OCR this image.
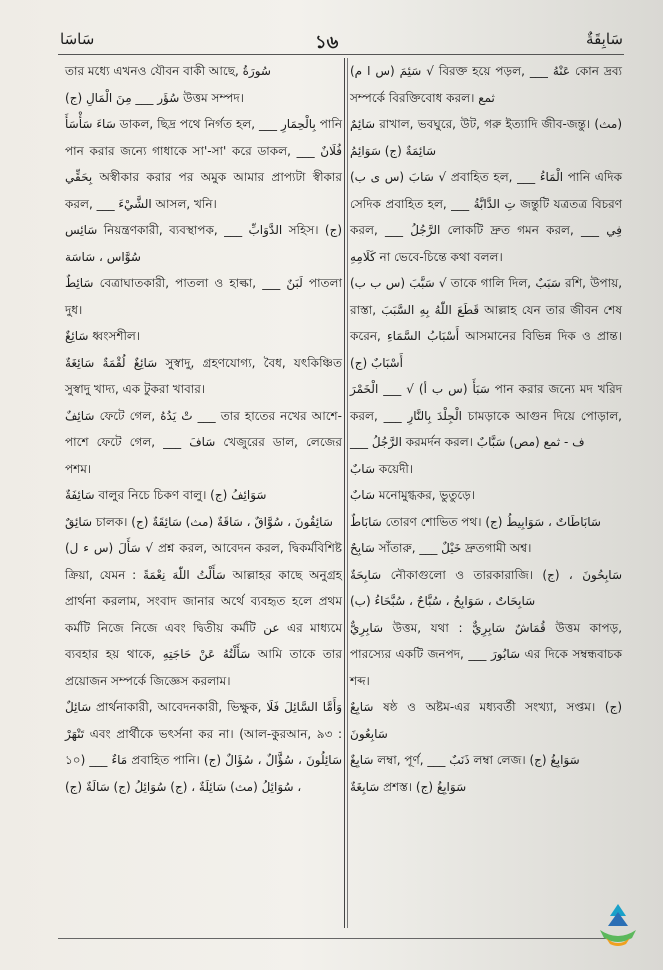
سَاسَا	১৬	سَابِقَةٌ

তার মধ্যে এখনও যৌবন বাকী আছে, سُورَةُ

(ج) سُؤَر ___ مِنَ الْمَالِ উত্তম সম্পদ।

سَاءَ سَأْسَأَ ডাকল, ছিদ্র পথে নির্গত হল, ___ بِالْحِمَارِ পানি পান করার জন্যে গাধাকে সা'-সা' করে ডাকল, ___ فُلَانٌ بِحَقِّي অস্বীকার করার পর অমুক আমার প্রাপ্যটা স্বীকার করল, ___ الشَّيْءَ আসল, খনি।

سَائِس নিয়ন্ত্রণকারী, ব্যবস্থাপক, ___ الدَّوَابِّ সহিস। (ج) سُوَّاس ، سَاسَة

سَائِطٌ বেত্রাঘাতকারী, পাতলা ও হাল্কা, ___ لَبَنٌ পাতলা দুধ।

سَائِغٌ ধ্বংসশীল।

سَائِغٌ لُقْمَةٌ سَائِغَةٌ সুস্বাদু, গ্রহণযোগ্য, বৈধ, যৎকিঞ্চিত সুস্বাদু খাদ্য, এক টুকরা খাবার।

سَائِفٌ ফেটে গেল, تْ يَدُهُ ___ তার হাতের নখের আশে-পাশে ফেটে গেল, ___ سَافَ খেজুরের ডাল, লেজের পশম।

سَائِفَةٌ বালুর নিচে চিকণ বালু। (ج) سَوَائِفُ

سَائِقٌ চালক। (ج) سَائِقُونَ ، سُوَّاقٌ ، سَاقَةٌ (مث) سَائِقَةٌ

سَأَلَ (س ء ل) √ প্রশ্ন করল, আবেদন করল, দ্বিকর্মবিশিষ্ট ক্রিয়া, যেমন : سَأَلْتُ اللّٰهَ نِعْمَةً আল্লাহর কাছে অনুগ্রহ প্রার্থনা করলাম, সংবাদ জানার অর্থে ব্যবহৃত হলে প্রথম কর্মটি নিজে নিজে এবং দ্বিতীয় কর্মটি عن এর মাধ্যমে ব্যবহার হয় থাকে, سَأَلْتُهُ عَنْ حَاجَتِهِ আমি তাকে তার প্রয়োজন সম্পর্কে জিজ্ঞেস করলাম।

سَائِلٌ প্রার্থনাকারী, আবেদনকারী, ভিক্ষুক, وَأَمَّا السَّائِلَ فَلَا تَنْهَرْ এবং প্রার্থীকে ভৎর্সনা কর না। (আল-কুরআন, ৯৩ : ১০) ___ مَاءٌ প্রবাহিত পানি। (ج) سَائِلُونَ ، سُؤَّالٌ ، سُؤَالٌ ، سُوَائِلُ (مث) سَائِلَةٌ ، (ج) سُوَائِلُ (ج) سَالَةٌ (ج)

سَئِمَ (س ا م) √ বিরক্ত হয়ে পড়ল, ___ عَنْهُ কোন দ্রব্য সম্পর্কে বিরক্তিবোধ করল। ثمع

سَائِمٌ রাখাল, ভবঘুরে, উট, গরু ইত্যাদি জীব-জন্তু। (مث) سَائِمَةٌ (ج) سَوَائِمُ

سَابَ (س ى ب) √ প্রবাহিত হল, ___ الْمَاءُ পানি এদিক সেদিক প্রবাহিত হল, ___ تِ الدَّابَّةُ জন্তুটি যত্রতত্র বিচরণ করল, ___ الرَّجُلُ লোকটি দ্রুত গমন করল, ___ فِي كَلَامِهِ না ভেবে-চিন্তে কথা বলল।

سَبَّبَ (س ب ب) √ তাকে গালি দিল, سَبَبٌ রশি, উপায়, রাস্তা, قَطَعَ اللّٰهُ بِهِ السَّبَبَ আল্লাহ যেন তার জীবন শেষ করেন, أَسْبَابُ السَّمَاءِ আসমানের বিভিন্ন দিক ও প্রান্ত। (ج) أَسْبَابٌ

سَبَأَ (س ب أ) √ ___ الْخَمْرَ পান করার জন্যে মদ খরিদ করল, ___ الْجِلْدَ بِالنَّارِ চামড়াকে আগুন দিয়ে পোড়াল, ___ الرَّجُلُ করমর্দন করল। ف - ثمع (مص) سَبَّابٌ

سَابٌ কয়েদী।

سَابٌ মনোমুগ্ধকর, ভুতুড়ে।

سَابَاطٌ তোরণ শোভিত পথ। (ج) سَابَاطَاتٌ ، سَوَابِيطُ

سَابِحٌ সাঁতারু, ___ خَيْلٌ দ্রুতগামী অশ্ব।

سَابِحَةٌ নৌকাগুলো ও তারকারাজি। سَابِحُونَ ، (ج) سَابِحَاتٌ ، سَوَابِحُ ، سُبَّاحٌ ، سُبَّحَاءُ (ب)

سَابِرِيٌّ উত্তম, যথা : قُمَاشٌ سَابِرِيٌّ উত্তম কাপড়, পারস্যের একটি জনপদ, ___ سَابُورَ এর দিকে সম্বন্ধবাচক শব্দ।

سَابِعٌ ষষ্ঠ ও অষ্টম-এর মধ্যবর্তী সংখ্যা, সপ্তম। (ج) سَابِعُونَ

سَابِغٌ লম্বা, পূর্ণ, ___ ذَنَبٌ লম্বা লেজ। (ج) سَوَابِغُ

سَابِغَةٌ প্রশস্ত। (ج) سَوَابِغُ
